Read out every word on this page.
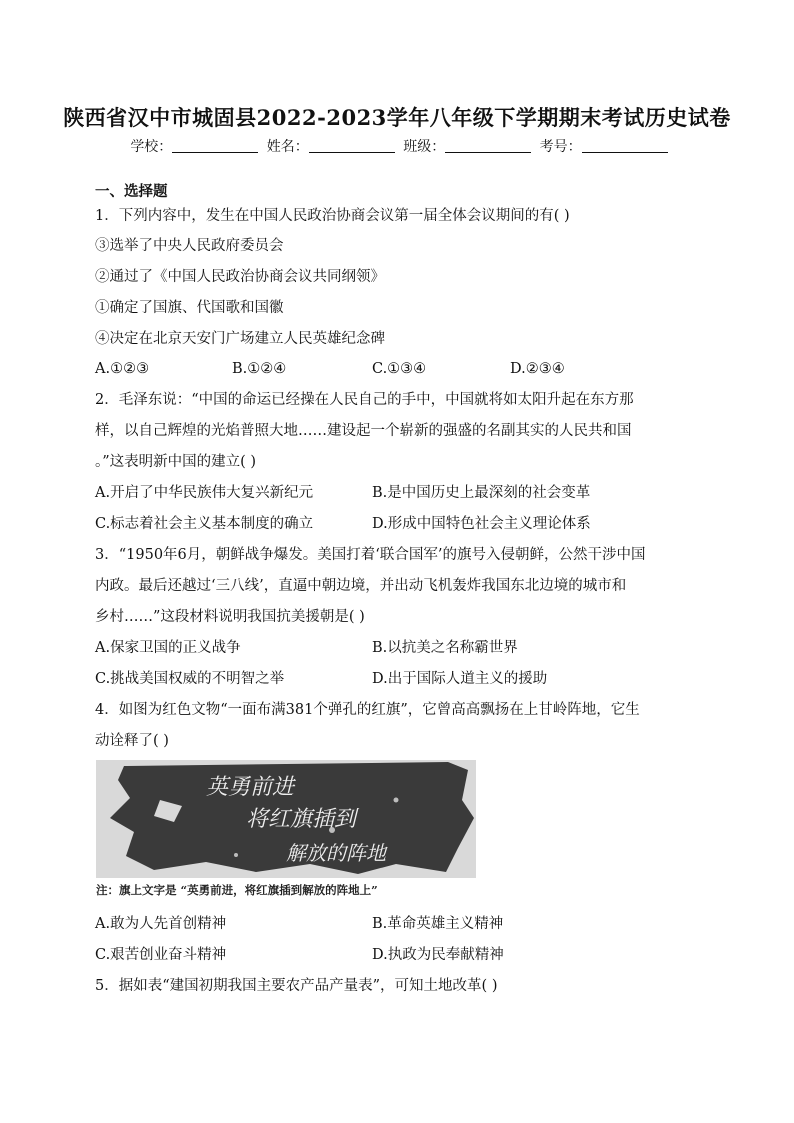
陕西省汉中市城固县2022-2023学年八年级下学期期末考试历史试卷
学校：	姓名：	班级：	考号：
一、选择题
1．下列内容中，发生在中国人民政治协商会议第一届全体会议期间的有( )
③选举了中央人民政府委员会
②通过了《中国人民政治协商会议共同纲领》
①确定了国旗、代国歌和国徽
④决定在北京天安门广场建立人民英雄纪念碑
A.①②③	B.①②④	C.①③④	D.②③④
2．毛泽东说：“中国的命运已经操在人民自己的手中，中国就将如太阳升起在东方那
样，以自己辉煌的光焰普照大地……建设起一个崭新的强盛的名副其实的人民共和国
。”这表明新中国的建立( )
A.开启了中华民族伟大复兴新纪元	B.是中国历史上最深刻的社会变革
C.标志着社会主义基本制度的确立	D.形成中国特色社会主义理论体系
3．“1950年6月，朝鲜战争爆发。美国打着‘联合国军’的旗号入侵朝鲜，公然干涉中国
内政。最后还越过‘三八线’，直逼中朝边境，并出动飞机轰炸我国东北边境的城市和
乡村……”这段材料说明我国抗美援朝是( )
A.保家卫国的正义战争	B.以抗美之名称霸世界
C.挑战美国权威的不明智之举	D.出于国际人道主义的援助
4．如图为红色文物“一面布满381个弹孔的红旗”，它曾高高飘扬在上甘岭阵地，它生
动诠释了( )
英勇前进
将红旗插到
解放的阵地
注：旗上文字是 “英勇前进，将红旗插到解放的阵地上”
A.敢为人先首创精神	B.革命英雄主义精神
C.艰苦创业奋斗精神	D.执政为民奉献精神
5．据如表“建国初期我国主要农产品产量表”，可知土地改革( )
